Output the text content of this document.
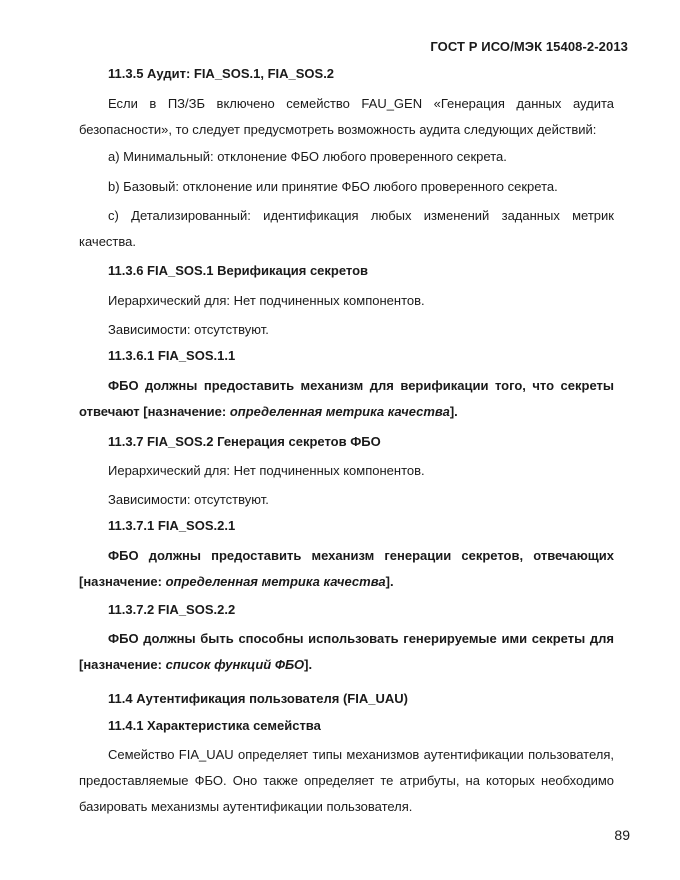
ГОСТ Р ИСО/МЭК 15408-2-2013
11.3.5 Аудит: FIA_SOS.1, FIA_SOS.2

Если в ПЗ/ЗБ включено семейство FAU_GEN «Генерация данных аудита безопасности», то следует предусмотреть возможность аудита следующих действий:

а) Минимальный: отклонение ФБО любого проверенного секрета.
b) Базовый: отклонение или принятие ФБО любого проверенного секрета.

с) Детализированный: идентификация любых изменений заданных метрик качества.

11.3.6 FIA_SOS.1 Верификация секретов
Иерархический для: Нет подчиненных компонентов.
Зависимости: отсутствуют.
11.3.6.1 FIA_SOS.1.1

ФБО должны предоставить механизм для верификации того, что секреты отвечают [назначение: определенная метрика качества].

11.3.7 FIA_SOS.2 Генерация секретов ФБО
Иерархический для: Нет подчиненных компонентов.
Зависимости: отсутствуют.
11.3.7.1 FIA_SOS.2.1

ФБО должны предоставить механизм генерации секретов, отвечающих [назначение: определенная метрика качества].

11.3.7.2 FIA_SOS.2.2

ФБО должны быть способны использовать генерируемые ими секреты для [назначение: список функций ФБО].

11.4 Аутентификация пользователя (FIA_UAU)
11.4.1 Характеристика семейства

Семейство FIA_UAU определяет типы механизмов аутентификации пользователя, предоставляемые ФБО. Оно также определяет те атрибуты, на которых необходимо базировать механизмы аутентификации пользователя.

89
